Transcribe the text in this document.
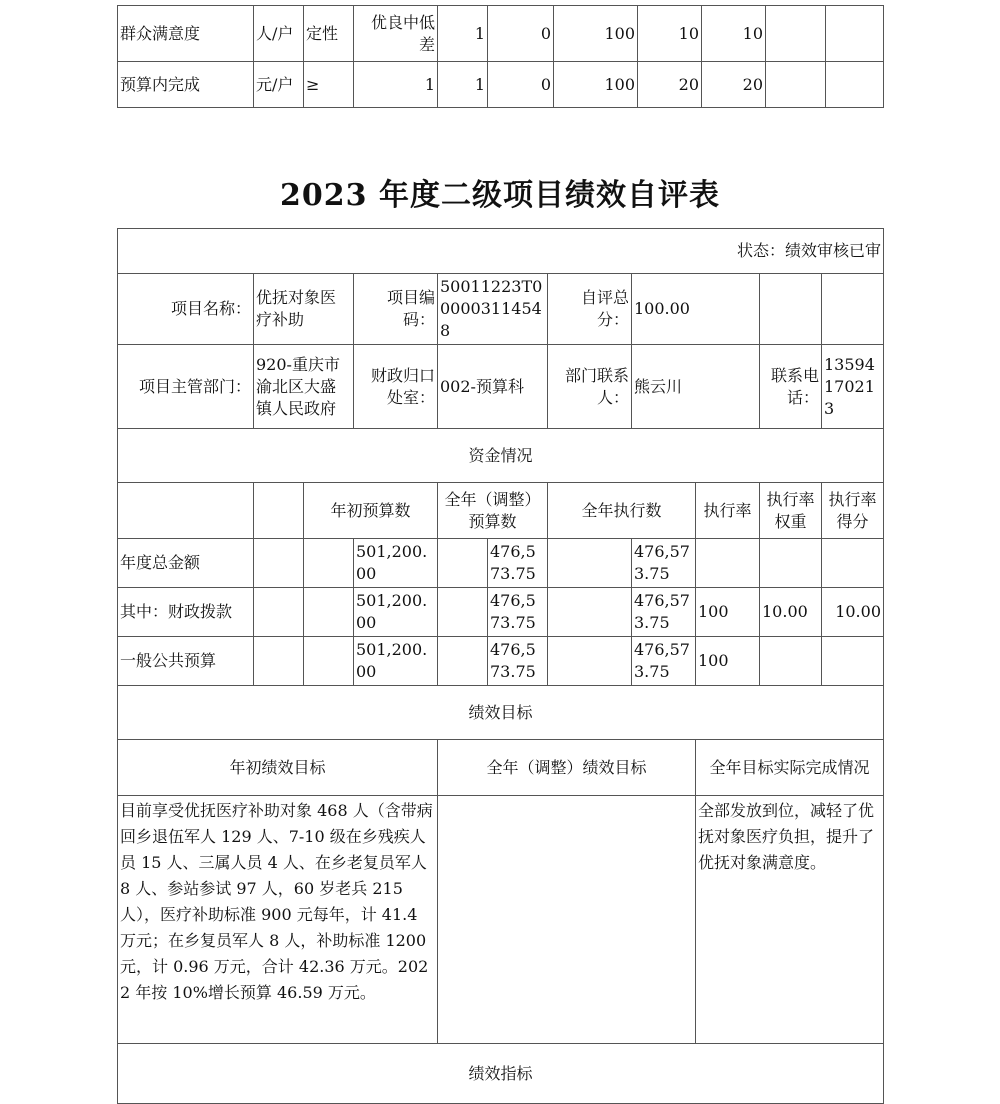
群众满意度	人/户	定性	优良中低差	1	0	100	10	10		
预算内完成	元/户	≥	1	1	0	100	20	20		
2023 年度二级项目绩效自评表
状态：绩效审核已审										
项目名称：	优抚对象医疗补助		项目编码：	50011223T000003114548		自评总分：	100.00			
项目主管部门：	920-重庆市渝北区大盛镇人民政府		财政归口处室：	002-预算科		部门联系人：	熊云川		联系电话：	13594170213
资金情况										
		年初预算数		全年（调整）预算数		全年执行数		执行率	执行率权重	执行率得分
年度总金额			501,200.00		476,573.75		476,573.75			
其中：财政拨款			501,200.00		476,573.75		476,573.75	100	10.00	10.00
一般公共预算			501,200.00		476,573.75		476,573.75	100		
绩效目标										
年初绩效目标				全年（调整）绩效目标				全年目标实际完成情况		
目前享受优抚医疗补助对象 468 人（含带病回乡退伍军人 129 人、7-10 级在乡残疾人员 15 人、三属人员 4 人、在乡老复员军人 8 人、参站参试 97 人，60 岁老兵 215 人），医疗补助标准 900 元每年，计 41.4 万元；在乡复员军人 8 人，补助标准 1200 元，计 0.96 万元，合计 42.36 万元。2022 年按 10%增长预算 46.59 万元。								全部发放到位，减轻了优抚对象医疗负担，提升了优抚对象满意度。		
绩效指标										
